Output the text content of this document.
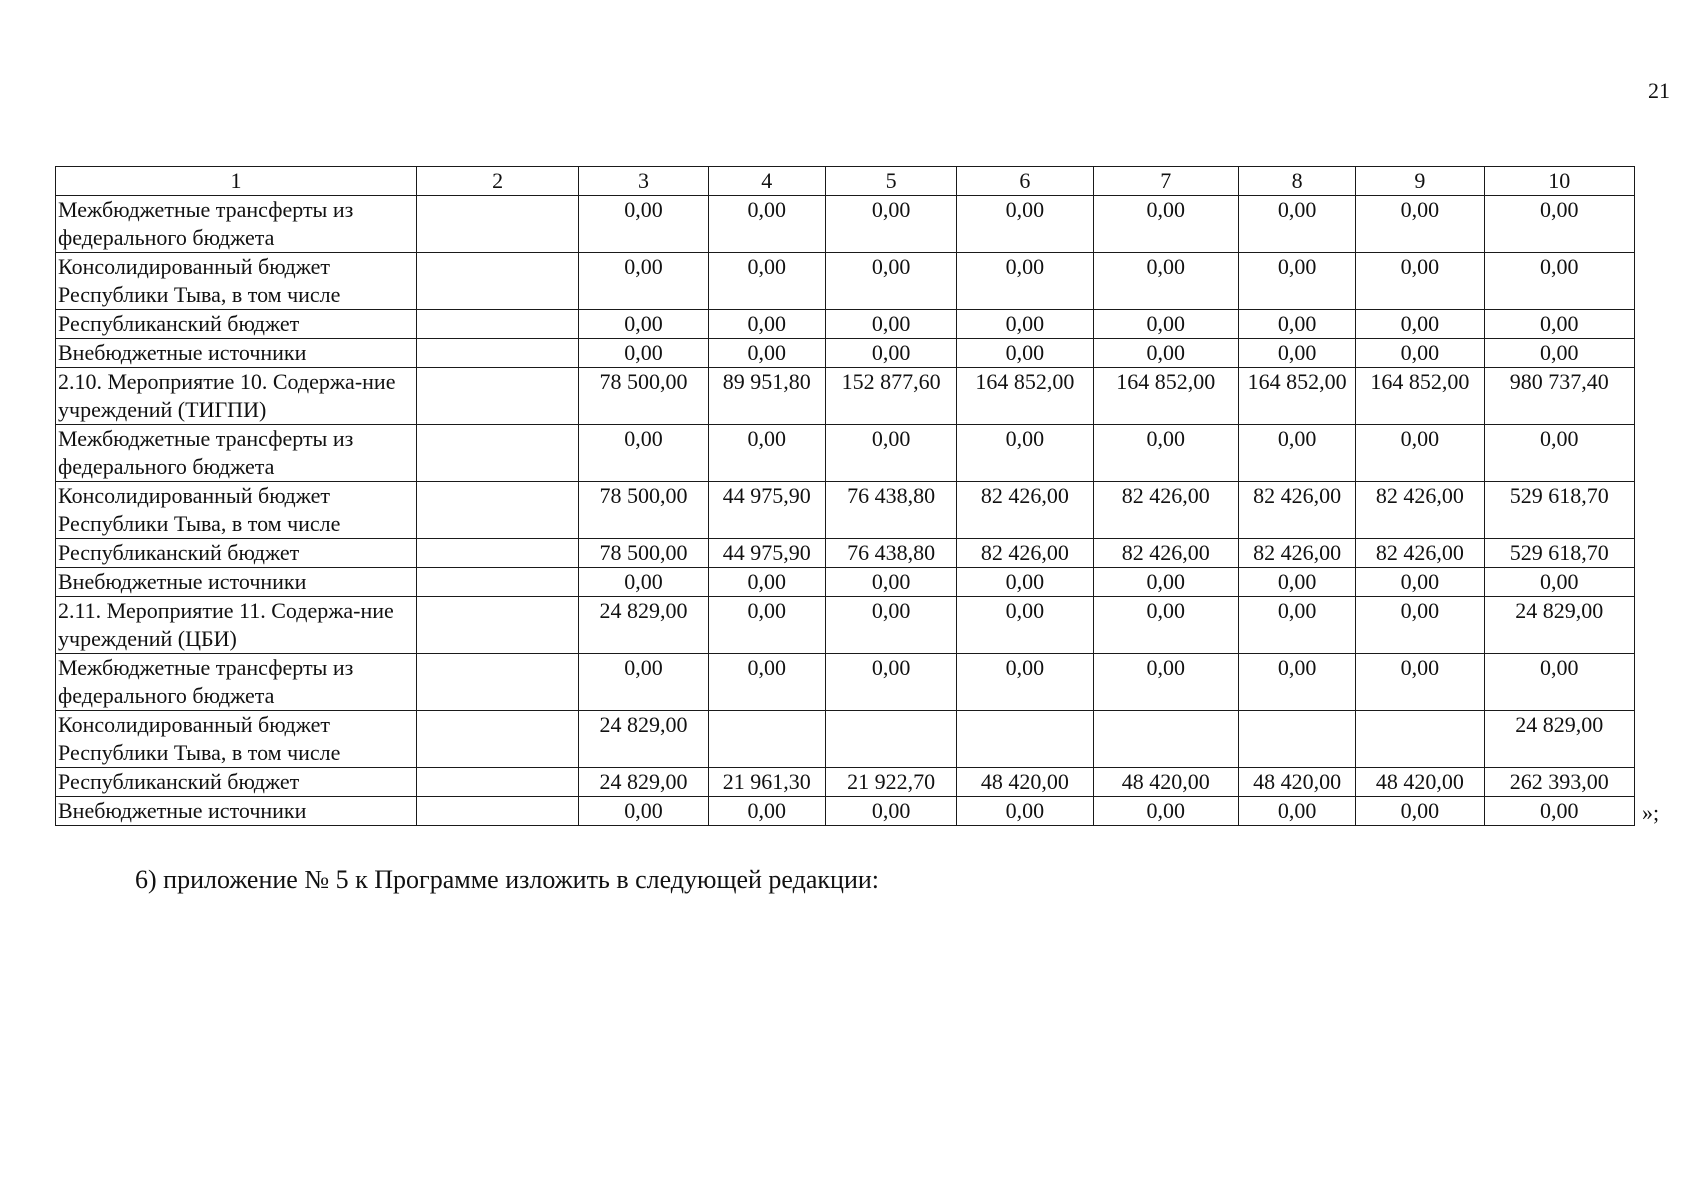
21
1	2	3	4	5	6	7	8	9	10
Межбюджетные трансферты из федерального бюджета		0,00	0,00	0,00	0,00	0,00	0,00	0,00	0,00
Консолидированный бюджет Республики Тыва, в том числе		0,00	0,00	0,00	0,00	0,00	0,00	0,00	0,00
Республиканский бюджет		0,00	0,00	0,00	0,00	0,00	0,00	0,00	0,00
Внебюджетные источники		0,00	0,00	0,00	0,00	0,00	0,00	0,00	0,00
2.10. Мероприятие 10. Содержа-ние учреждений (ТИГПИ)		78 500,00	89 951,80	152 877,60	164 852,00	164 852,00	164 852,00	164 852,00	980 737,40
Межбюджетные трансферты из федерального бюджета		0,00	0,00	0,00	0,00	0,00	0,00	0,00	0,00
Консолидированный бюджет Республики Тыва, в том числе		78 500,00	44 975,90	76 438,80	82 426,00	82 426,00	82 426,00	82 426,00	529 618,70
Республиканский бюджет		78 500,00	44 975,90	76 438,80	82 426,00	82 426,00	82 426,00	82 426,00	529 618,70
Внебюджетные источники		0,00	0,00	0,00	0,00	0,00	0,00	0,00	0,00
2.11. Мероприятие 11. Содержа-ние учреждений (ЦБИ)		24 829,00	0,00	0,00	0,00	0,00	0,00	0,00	24 829,00
Межбюджетные трансферты из федерального бюджета		0,00	0,00	0,00	0,00	0,00	0,00	0,00	0,00
Консолидированный бюджет Республики Тыва, в том числе		24 829,00							24 829,00
Республиканский бюджет		24 829,00	21 961,30	21 922,70	48 420,00	48 420,00	48 420,00	48 420,00	262 393,00
Внебюджетные источники		0,00	0,00	0,00	0,00	0,00	0,00	0,00	0,00	»;
6) приложение № 5 к Программе изложить в следующей редакции:
